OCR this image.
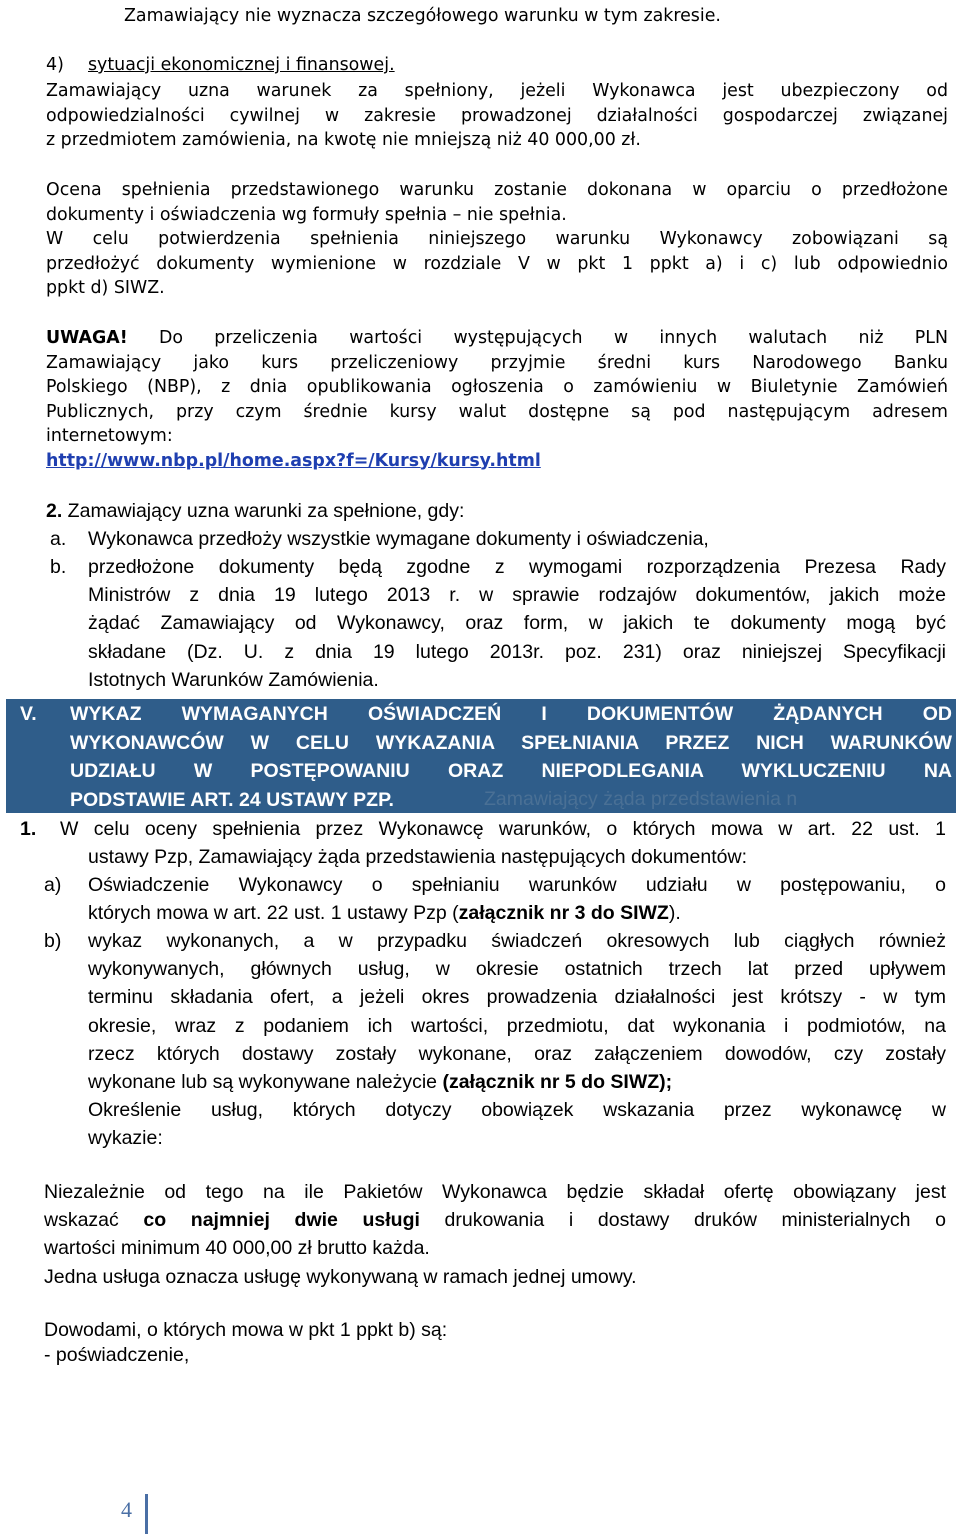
Zamawiający nie wyznacza szczegółowego warunku w tym zakresie.

4) sytuacji ekonomicznej i finansowej.

Zamawiający uzna warunek za spełniony, jeżeli Wykonawca jest ubezpieczony od

odpowiedzialności cywilnej w zakresie prowadzonej działalności gospodarczej związanej

z przedmiotem zamówienia, na kwotę nie mniejszą niż 40 000,00 zł.

Ocena spełnienia przedstawionego warunku zostanie dokonana w oparciu o przedłożone

dokumenty i oświadczenia wg formuły spełnia – nie spełnia.

W celu potwierdzenia spełnienia niniejszego warunku Wykonawcy zobowiązani są

przedłożyć dokumenty wymienione w rozdziale V w pkt 1 ppkt a) i c) lub odpowiednio

ppkt d) SIWZ.

UWAGA! Do przeliczenia wartości występujących w innych walutach niż PLN

Zamawiający jako kurs przeliczeniowy przyjmie średni kurs Narodowego Banku

Polskiego (NBP), z dnia opublikowania ogłoszenia o zamówieniu w Biuletynie Zamówień

Publicznych, przy czym średnie kursy walut dostępne są pod następującym adresem

internetowym:

http://www.nbp.pl/home.aspx?f=/Kursy/kursy.html

2. Zamawiający uzna warunki za spełnione, gdy:

a. Wykonawca przedłoży wszystkie wymagane dokumenty i oświadczenia,

b. przedłożone dokumenty będą zgodne z wymogami rozporządzenia Prezesa Rady

Ministrów z dnia 19 lutego 2013 r. w sprawie rodzajów dokumentów, jakich może

żądać Zamawiający od Wykonawcy, oraz form, w jakich te dokumenty mogą być

składane (Dz. U. z dnia 19 lutego 2013r. poz. 231) oraz niniejszej Specyfikacji

Istotnych Warunków Zamówienia.

V. WYKAZ WYMAGANYCH OŚWIADCZEŃ I DOKUMENTÓW ŻĄDANYCH OD
WYKONAWCÓW W CELU WYKAZANIA SPEŁNIANIA PRZEZ NICH WARUNKÓW
UDZIAŁU W POSTĘPOWANIU ORAZ NIEPODLEGANIA WYKLUCZENIU NA
PODSTAWIE ART. 24 USTAWY PZP.	Zamawiający żąda przedstawienia n
1. W celu oceny spełnienia przez Wykonawcę warunków, o których mowa w art. 22 ust. 1

ustawy Pzp, Zamawiający żąda przedstawienia następujących dokumentów:

a) Oświadczenie Wykonawcy o spełnianiu warunków udziału w postępowaniu, o

których mowa w art. 22 ust. 1 ustawy Pzp (załącznik nr 3 do SIWZ).

b) wykaz wykonanych, a w przypadku świadczeń okresowych lub ciągłych również

wykonywanych, głównych usług, w okresie ostatnich trzech lat przed upływem

terminu składania ofert, a jeżeli okres prowadzenia działalności jest krótszy - w tym

okresie, wraz z podaniem ich wartości, przedmiotu, dat wykonania i podmiotów, na

rzecz których dostawy zostały wykonane, oraz załączeniem dowodów, czy zostały

wykonane lub są wykonywane należycie (załącznik nr 5 do SIWZ);

Określenie usług, których dotyczy obowiązek wskazania przez wykonawcę w

wykazie:

Niezależnie od tego na ile Pakietów Wykonawca będzie składał ofertę obowiązany jest

wskazać co najmniej dwie usługi drukowania i dostawy druków ministerialnych o

wartości minimum 40 000,00 zł brutto każda.

Jedna usługa oznacza usługę wykonywaną w ramach jednej umowy.

Dowodami, o których mowa w pkt 1 ppkt b) są:

- poświadczenie,

4
